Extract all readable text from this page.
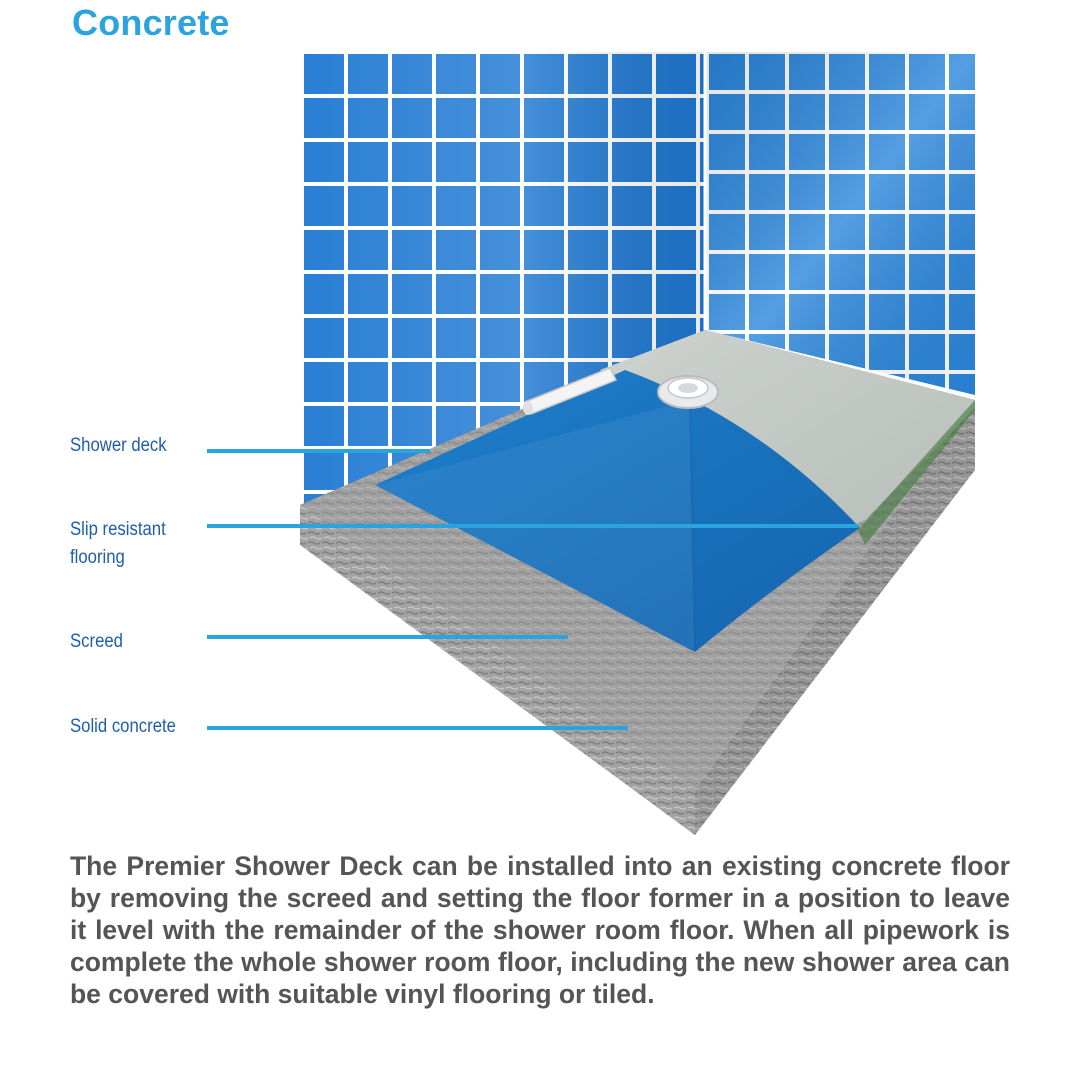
Concrete
Shower deck
Slip resistant
flooring
Screed
Solid concrete

The Premier Shower Deck can be installed into an existing concrete floor by removing the screed and setting the floor former in a position to leave it level with the remainder of the shower room floor. When all pipework is complete the whole shower room floor, including the new shower area can be covered with suitable vinyl flooring or tiled.
